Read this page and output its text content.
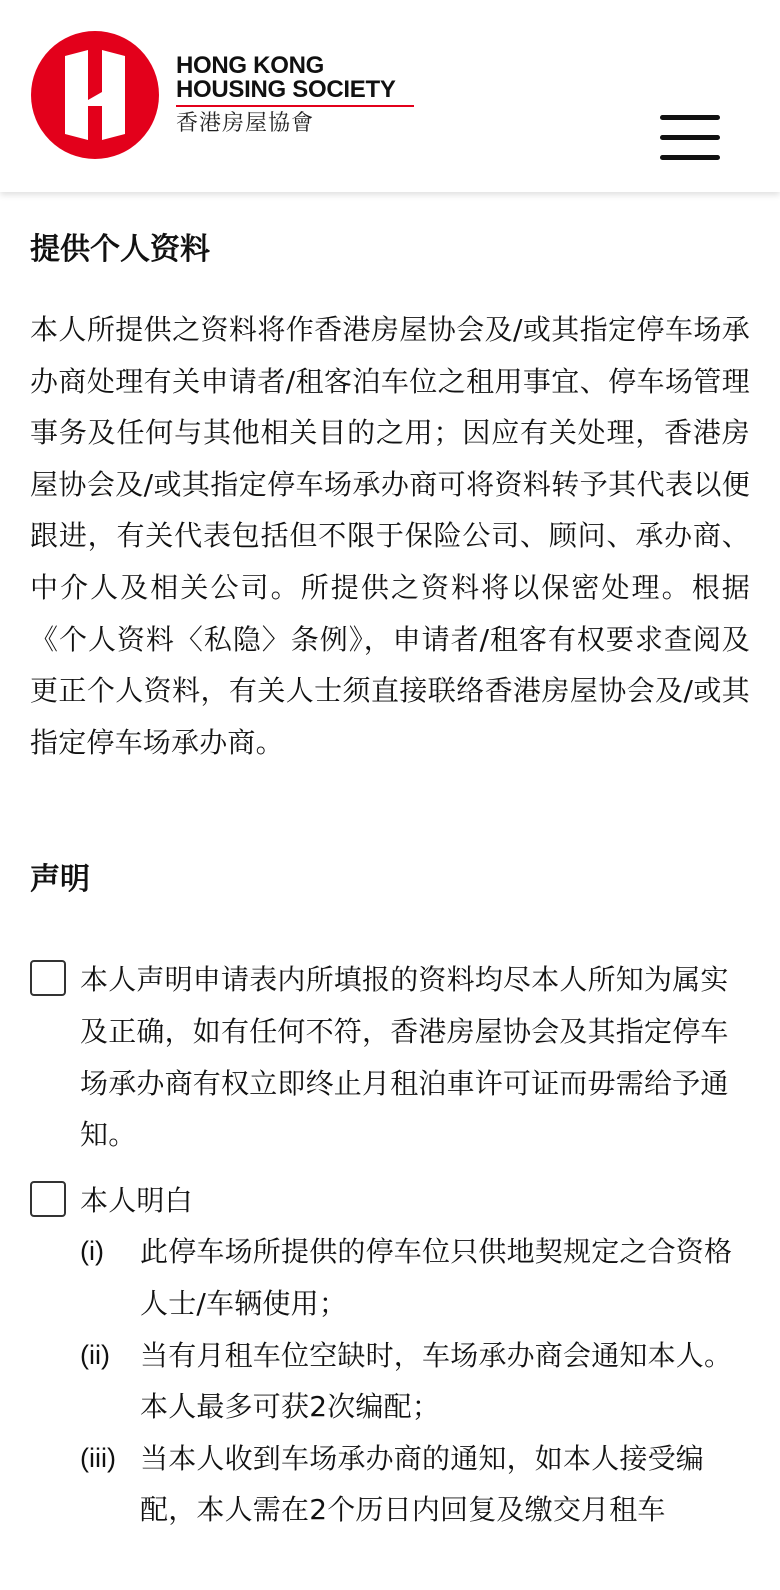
HONG KONG
HOUSING SOCIETY
香港房屋協會
提供个人资料

本人所提供之资料将作香港房屋协会及/或其指定停车场承办商处理有关申请者/租客泊车位之租用事宜、停车场管理事务及任何与其他相关目的之用；因应有关处理，香港房屋协会及/或其指定停车场承办商可将资料转予其代表以便跟进，有关代表包括但不限于保险公司、顾问、承办商、中介人及相关公司。所提供之资料将以保密处理。根据《个人资料〈私隐〉条例》，申请者/租客有权要求查阅及更正个人资料，有关人士须直接联络香港房屋协会及/或其指定停车场承办商。

声明

本人声明申请表内所填报的资料均尽本人所知为属实及正确，如有任何不符，香港房屋协会及其指定停车场承办商有权立即终止月租泊車许可证而毋需给予通知。

本人明白

(i) 此停车场所提供的停车位只供地契规定之合资格人士/车辆使用；
(ii) 当有月租车位空缺时，车场承办商会通知本人。本人最多可获2次编配；
(iii) 当本人收到车场承办商的通知，如本人接受编配，本人需在2个历日内回复及缴交月租车
